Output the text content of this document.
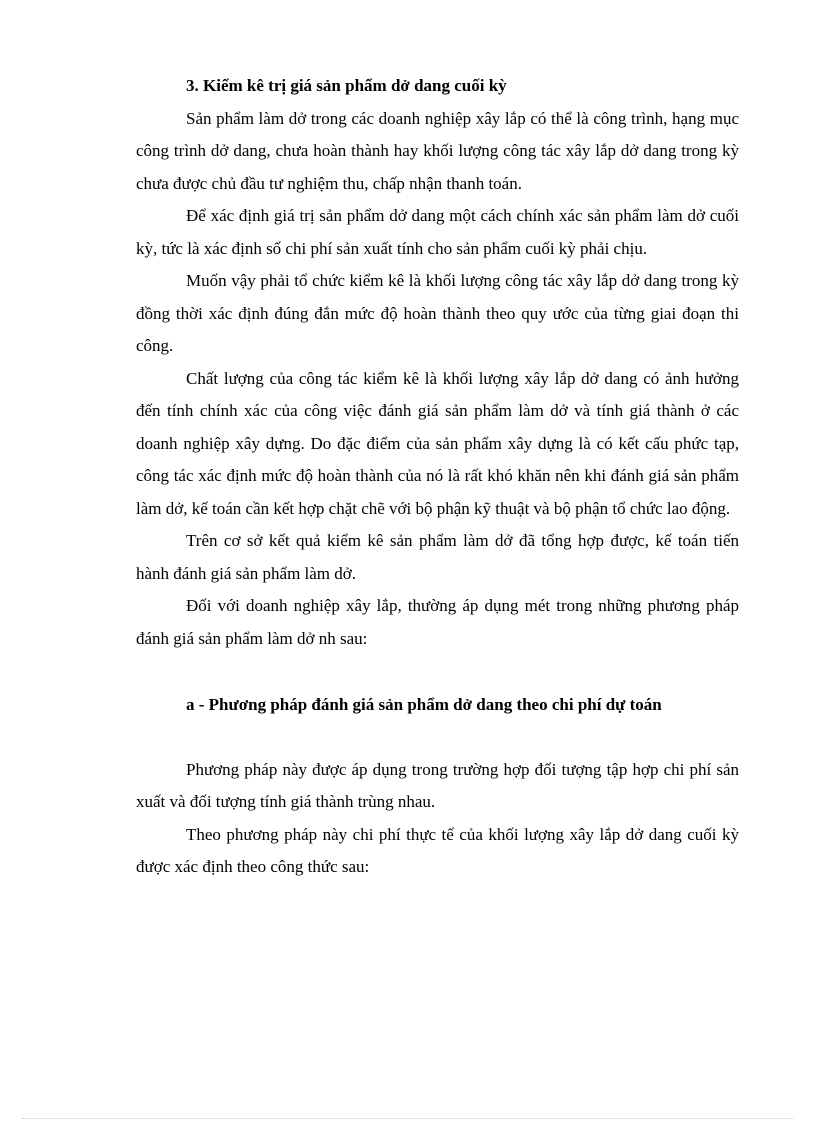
3. Kiểm kê trị giá sản phẩm dở dang cuối kỳ

Sản phẩm làm dở trong các doanh nghiệp xây lắp có thể là công trình, hạng mục công trình dở dang, chưa hoàn thành hay khối lượng công tác xây lắp dở dang trong kỳ chưa được chủ đầu tư nghiệm thu, chấp nhận thanh toán.

Để xác định giá trị sản phẩm dở dang một cách chính xác sản phẩm làm dở cuối kỳ, tức là xác định số chi phí sản xuất tính cho sản phẩm cuối kỳ phải chịu.

Muốn vậy phải tổ chức kiểm kê là khối lượng công tác xây lắp dở dang trong kỳ đồng thời xác định đúng đắn mức độ hoàn thành theo quy ước của từng giai đoạn thi công.

Chất lượng của công tác kiểm kê là khối lượng xây lắp dở dang có ảnh hưởng đến tính chính xác của công việc đánh giá sản phẩm làm dở và tính giá thành ở các doanh nghiệp xây dựng. Do đặc điểm của sản phẩm xây dựng là có kết cấu phức tạp, công tác xác định mức độ hoàn thành của nó là rất khó khăn nên khi đánh giá sản phẩm làm dở, kế toán cần kết hợp chặt chẽ với bộ phận kỹ thuật và bộ phận tổ chức lao động.

Trên cơ sở kết quả kiểm kê sản phẩm làm dở đã tổng hợp được, kế toán tiến hành đánh giá sản phẩm làm dở.

Đối với doanh nghiệp xây lắp, thường áp dụng mét trong những phương pháp đánh giá sản phẩm làm dở nh sau:

a - Phương pháp đánh giá sản phẩm dở dang theo chi phí dự toán

Phương pháp này được áp dụng trong trường hợp đối tượng tập hợp chi phí sản xuất và đối tượng tính giá thành trùng nhau.

Theo phương pháp này chi phí thực tế của khối lượng xây lắp dở dang cuối kỳ được xác định theo công thức sau:
